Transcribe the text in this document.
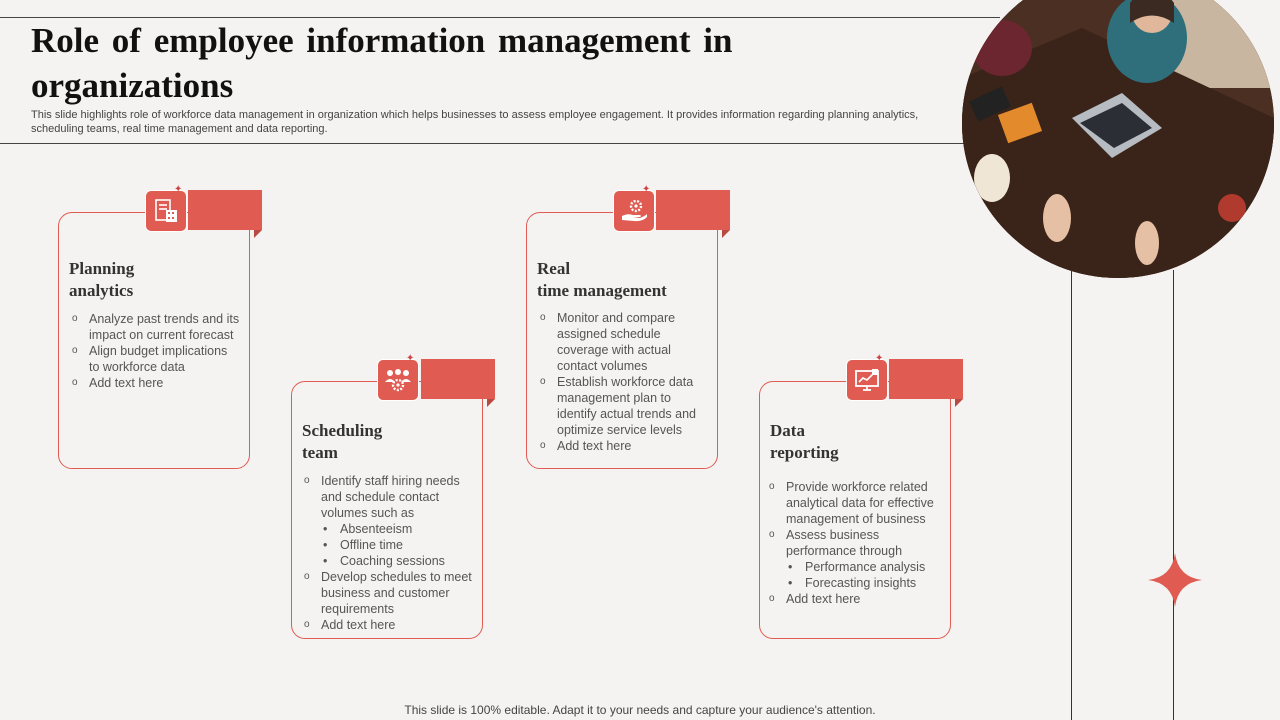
Role of employee information management in organizations
This slide highlights role of workforce data management in organization which helps businesses to assess employee engagement. It provides information regarding planning analytics, scheduling teams, real time management and data reporting.
✦
Planning
analytics
o Analyze past trends and its impact on current forecast
o Align budget implications to workforce data
o Add text here
✦
Scheduling
team
o Identify staff hiring needs and schedule contact volumes such as
• Absenteeism
• Offline time
• Coaching sessions
o Develop schedules to meet business and customer requirements
o Add text here
✦
Real
time management
o Monitor and compare assigned schedule coverage with actual contact volumes
o Establish workforce data management plan to identify actual trends and optimize service levels
o Add text here
✦
Data
reporting
o Provide workforce related analytical data for effective management of business
o Assess business performance through
• Performance analysis
• Forecasting insights
o Add text here
This slide is 100% editable. Adapt it to your needs and capture your audience's attention.
